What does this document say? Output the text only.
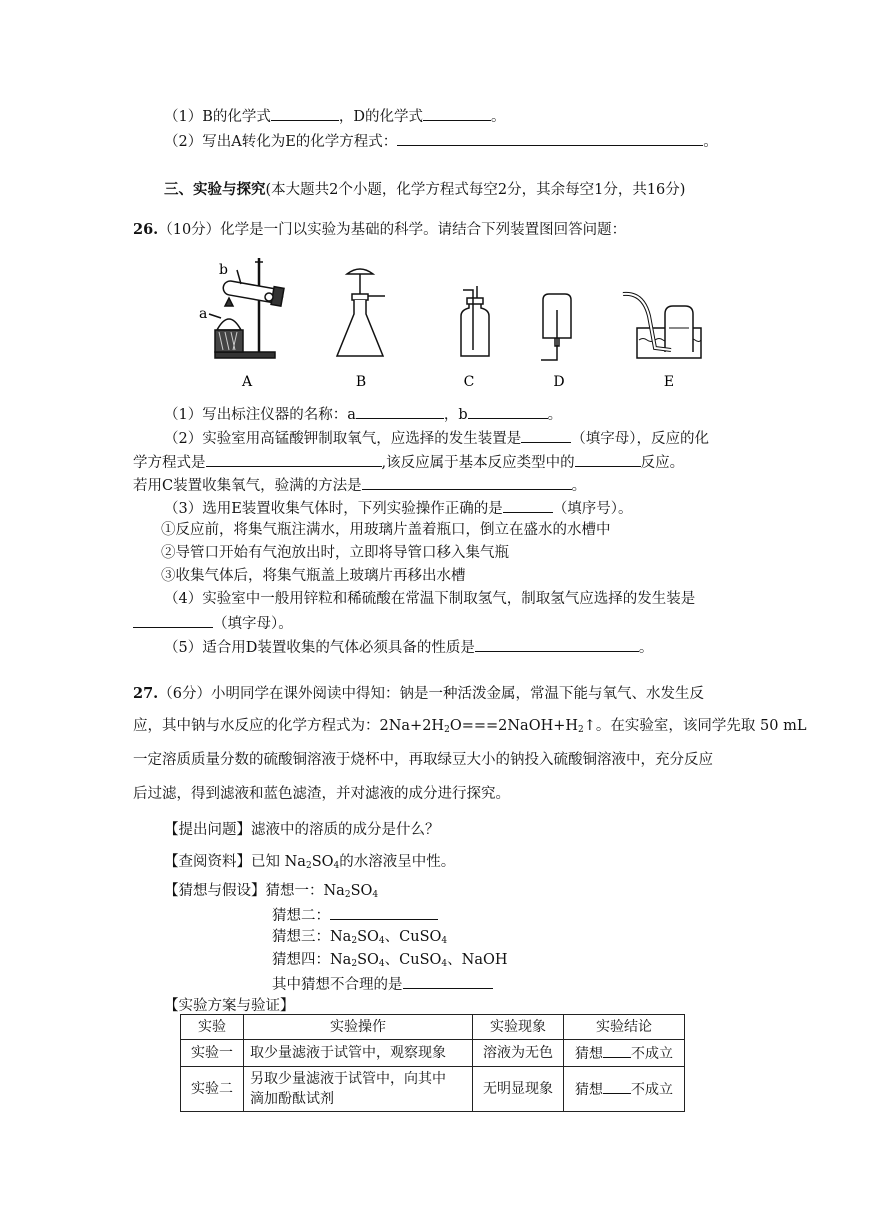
（1）B的化学式	，D的化学式	。
（2）写出A转化为E的化学方程式：	。
三、实验与探究(本大题共2个小题，化学方程式每空2分，其余每空1分，共16分)
26.（10分）化学是一门以实验为基础的科学。请结合下列装置图回答问题：
b
a
A	B	C	D	E
（1）写出标注仪器的名称：a	，b	。
（2）实验室用高锰酸钾制取氧气，应选择的发生装置是	（填字母），反应的化
学方程式是	,该反应属于基本反应类型中的	反应。
若用C装置收集氧气，验满的方法是	。
（3）选用E装置收集气体时，下列实验操作正确的是	（填序号）。
①反应前，将集气瓶注满水，用玻璃片盖着瓶口，倒立在盛水的水槽中
②导管口开始有气泡放出时，立即将导管口移入集气瓶
③收集气体后，将集气瓶盖上玻璃片再移出水槽
（4）实验室中一般用锌粒和稀硫酸在常温下制取氢气，制取氢气应选择的发生装是
（填字母）。
（5）适合用D装置收集的气体必须具备的性质是	。
27.（6分）小明同学在课外阅读中得知：钠是一种活泼金属，常温下能与氧气、水发生反
应，其中钠与水反应的化学方程式为：$2Na+2H_2O===2NaOH+H_2↑$。在实验室，该同学先取 50 mL
一定溶质质量分数的硫酸铜溶液于烧杯中，再取绿豆大小的钠投入硫酸铜溶液中，充分反应
后过滤，得到滤液和蓝色滤渣，并对滤液的成分进行探究。
【提出问题】滤液中的溶质的成分是什么？
【查阅资料】已知 $Na_2SO_4$的水溶液呈中性。
【猜想与假设】猜想一：$Na_2SO_4$
猜想二：
猜想三：$Na_2SO_4$、CuSO$_4$
猜想四：$Na_2SO_4$、CuSO$_4$、NaOH
其中猜想不合理的是
【实验方案与验证】
实验	实验操作	实验现象	实验结论
实验一	取少量滤液于试管中，观察现象	溶液为无色	猜想 不成立
实验二	另取少量滤液于试管中，向其中
滴加酚酞试剂	无明显现象	猜想 不成立
